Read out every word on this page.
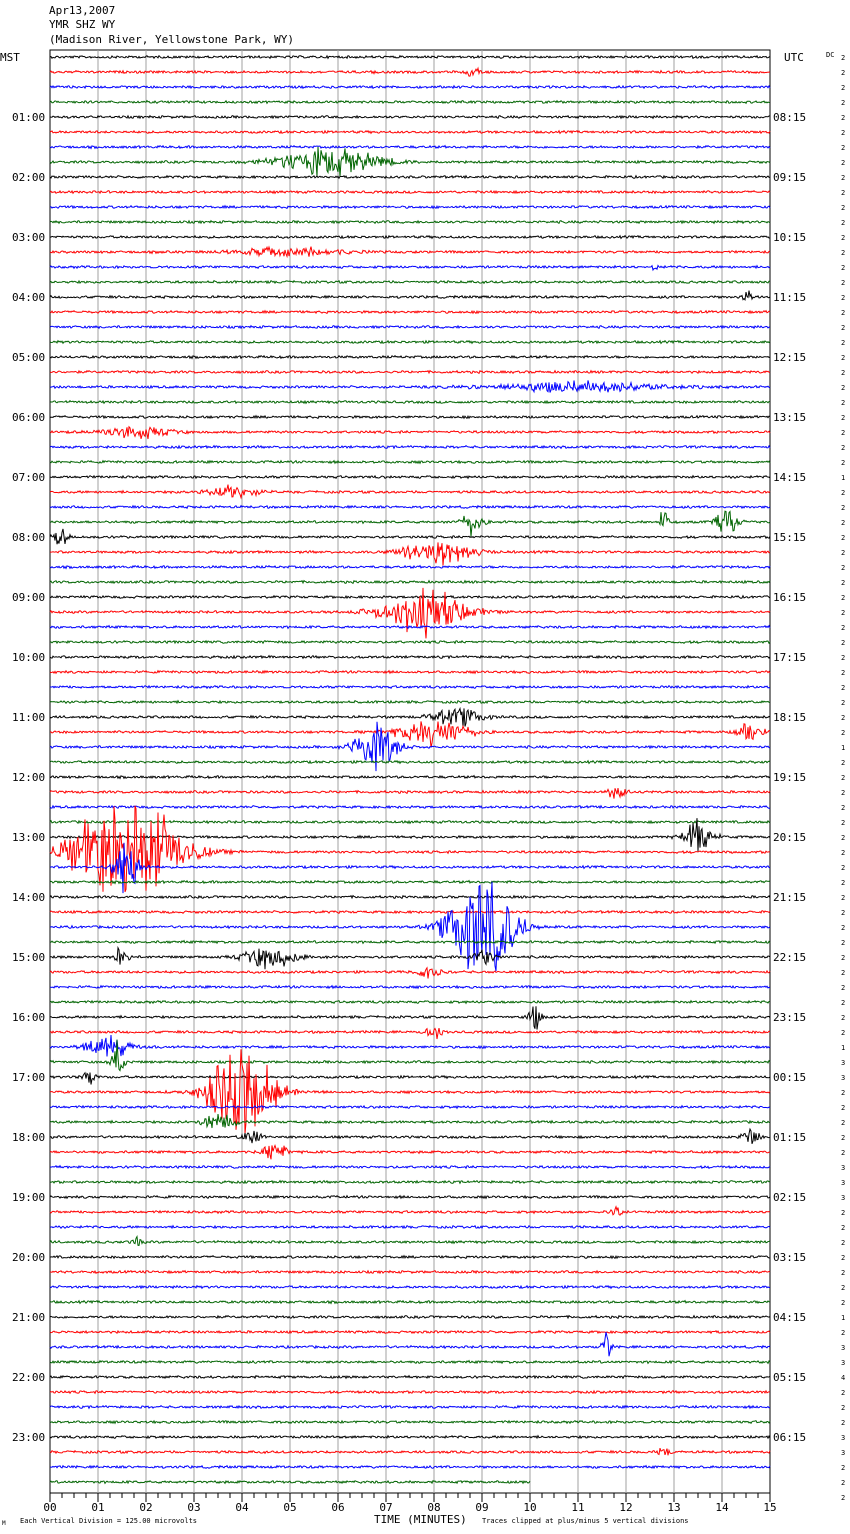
Apr13,2007
YMR SHZ WY
(Madison River, Yellowstone Park, WY)
MST	UTC	DC
TIME (MINUTES)
Each Vertical Division = 125.00 microvolts	Traces clipped at plus/minus 5 vertical divisions
M
00	01	02	03	04	05	06	07	08	09	10	11	12	13	14	15
01:00
02:00
03:00
04:00
05:00
06:00
07:00
08:00
09:00
10:00
11:00
12:00
13:00
14:00
15:00
16:00
17:00
18:00
19:00
20:00
21:00
22:00
23:00
08:15
09:15
10:15
11:15
12:15
13:15
14:15
15:15
16:15
17:15
18:15
19:15
20:15
21:15
22:15
23:15
00:15
01:15
02:15
03:15
04:15
05:15
06:15
2
2
2
2
2
2
2
2
2
2
2
2
2
2
2
2
2
2
2
2
2
2
2
2
2
2
2
2
1
2
2
2
2
2
2
2
2
2
2
2
2
2
2
2
2
2
1
2
2
2
2
2
2
2
2
2
2
2
2
2
2
2
2
2
2
2
1
3
3
2
2
2
2
2
3
3
3
2
2
2
2
2
2
2
1
2
3
3
4
2
2
2
3
3
2
2
2
